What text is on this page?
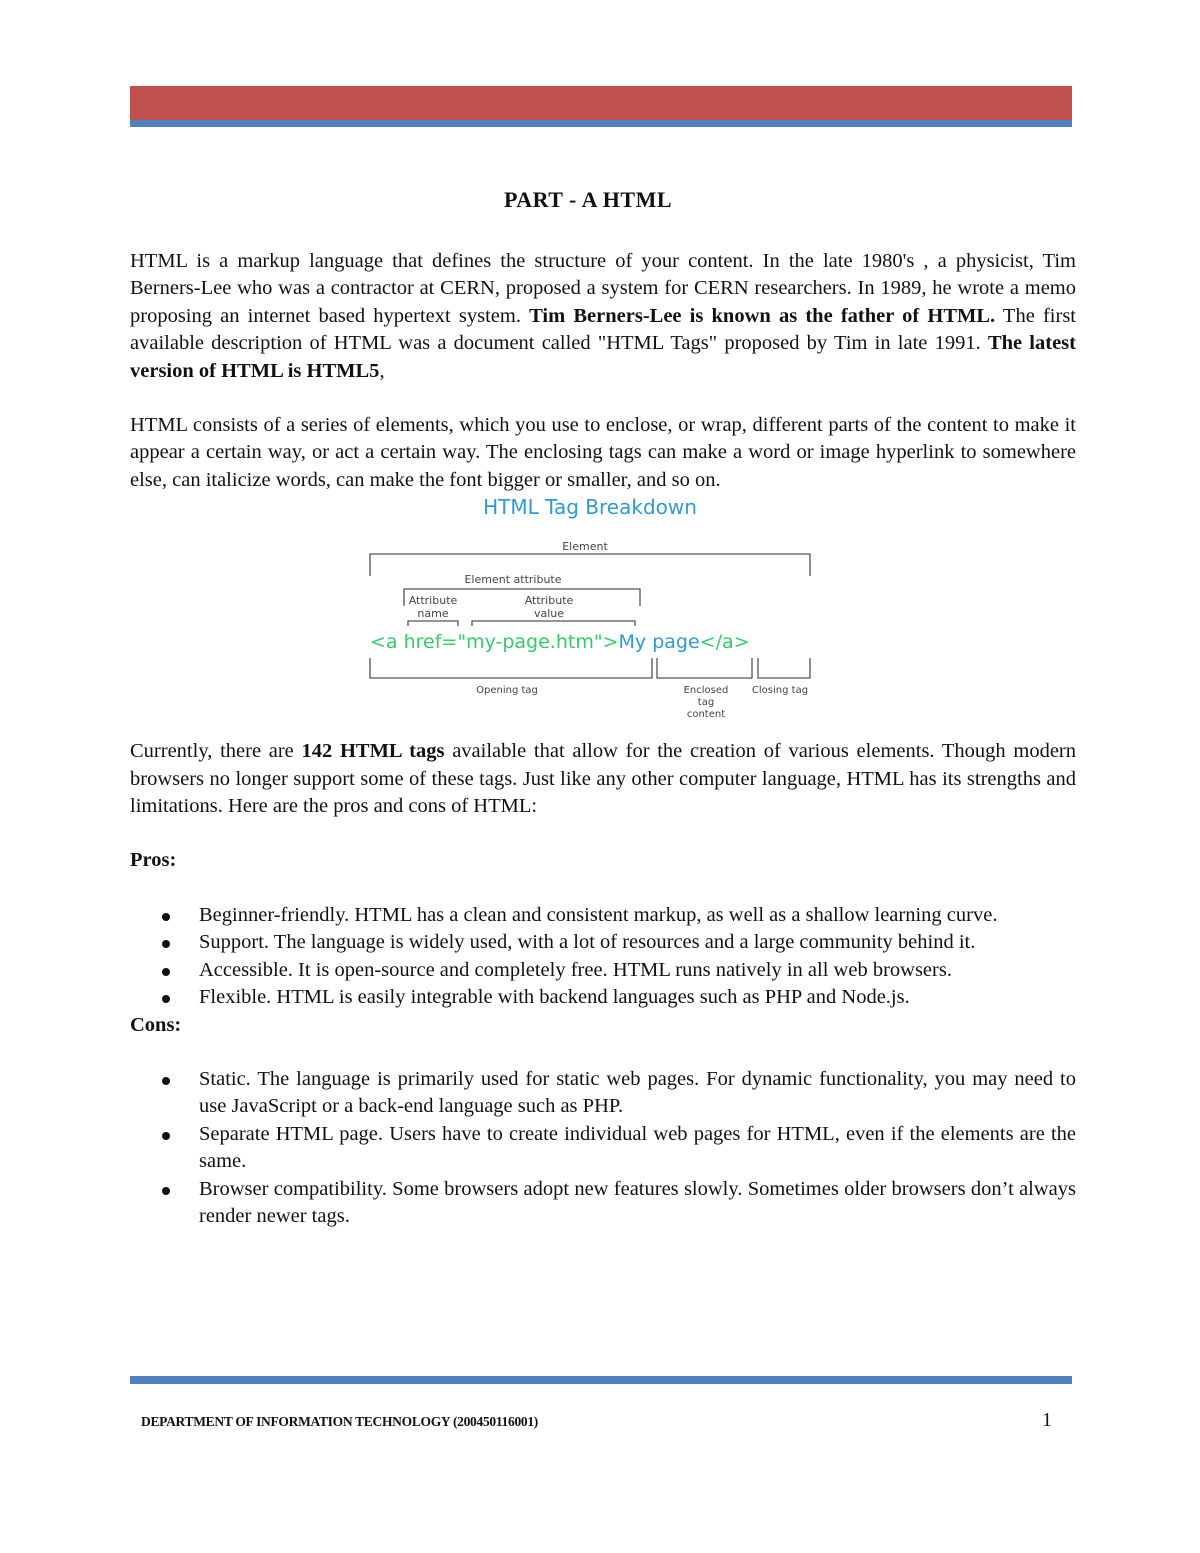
PART - A HTML

HTML is a markup language that defines the structure of your content. In the late 1980's , a physicist, Tim Berners-Lee who was a contractor at CERN, proposed a system for CERN researchers. In 1989, he wrote a memo proposing an internet based hypertext system. Tim Berners-Lee is known as the father of HTML. The first available description of HTML was a document called "HTML Tags" proposed by Tim in late 1991. The latest version of HTML is HTML5,

HTML consists of a series of elements, which you use to enclose, or wrap, different parts of the content to make it appear a certain way, or act a certain way. The enclosing tags can make a word or image hyperlink to somewhere else, can italicize words, can make the font bigger or smaller, and so on.

HTML Tag Breakdown
Element
Element attribute
Attribute
name
Attribute
value
<a href="my-page.htm">My page</a>
Opening tag	Enclosed
tag
content
Closing tag

Currently, there are 142 HTML tags available that allow for the creation of various elements. Though modern browsers no longer support some of these tags. Just like any other computer language, HTML has its strengths and limitations. Here are the pros and cons of HTML:

Pros:

Beginner-friendly. HTML has a clean and consistent markup, as well as a shallow learning curve.
Support. The language is widely used, with a lot of resources and a large community behind it.
Accessible. It is open-source and completely free. HTML runs natively in all web browsers.
Flexible. HTML is easily integrable with backend languages such as PHP and Node.js.

Cons:

Static. The language is primarily used for static web pages. For dynamic functionality, you may need to use JavaScript or a back-end language such as PHP.
Separate HTML page. Users have to create individual web pages for HTML, even if the elements are the same.
Browser compatibility. Some browsers adopt new features slowly. Sometimes older browsers don’t always render newer tags.
DEPARTMENT OF INFORMATION TECHNOLOGY (200450116001)	1
